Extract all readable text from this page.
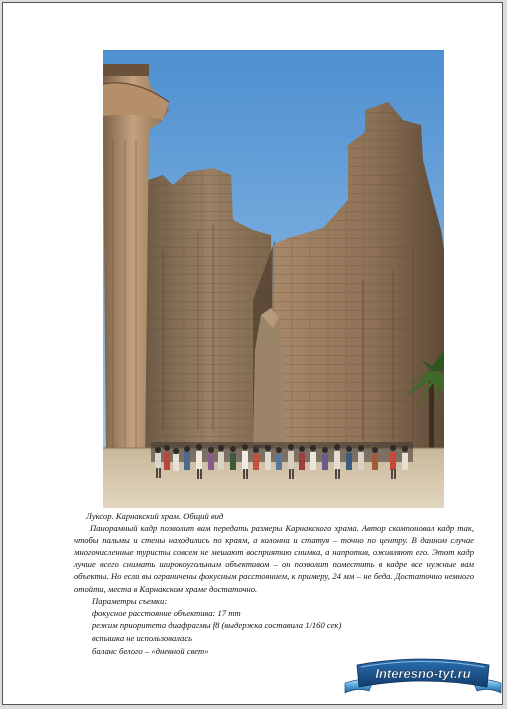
Луксор. Карнакский храм. Общий вид

Панорамный кадр позволит вам передать размеры Карнакского храма. Автор скомпоновал кадр так, чтобы пальмы и стены находились по краям, а колонна и статуя – точно по центру. В данном случае многочисленные туристы совсем не мешают восприятию снимка, а напротив, оживляют его. Этот кадр лучше всего снимать широкоугольным объективом – он позволит поместить в кадре все нужные вам объекты. Но если вы ограничены фокусным расстоянием, к примеру, 24 мм – не беда. Достаточно немного отойти, места в Карнакском храме достаточно.

Параметры съемки:

фокусное расстояние объектива: 17 mm

режим приоритета диафрагмы f8 (выдержка составила 1/160 сек)

вспышка не использовалась

баланс белого – «дневной свет»

Interesno-tyt.ru
